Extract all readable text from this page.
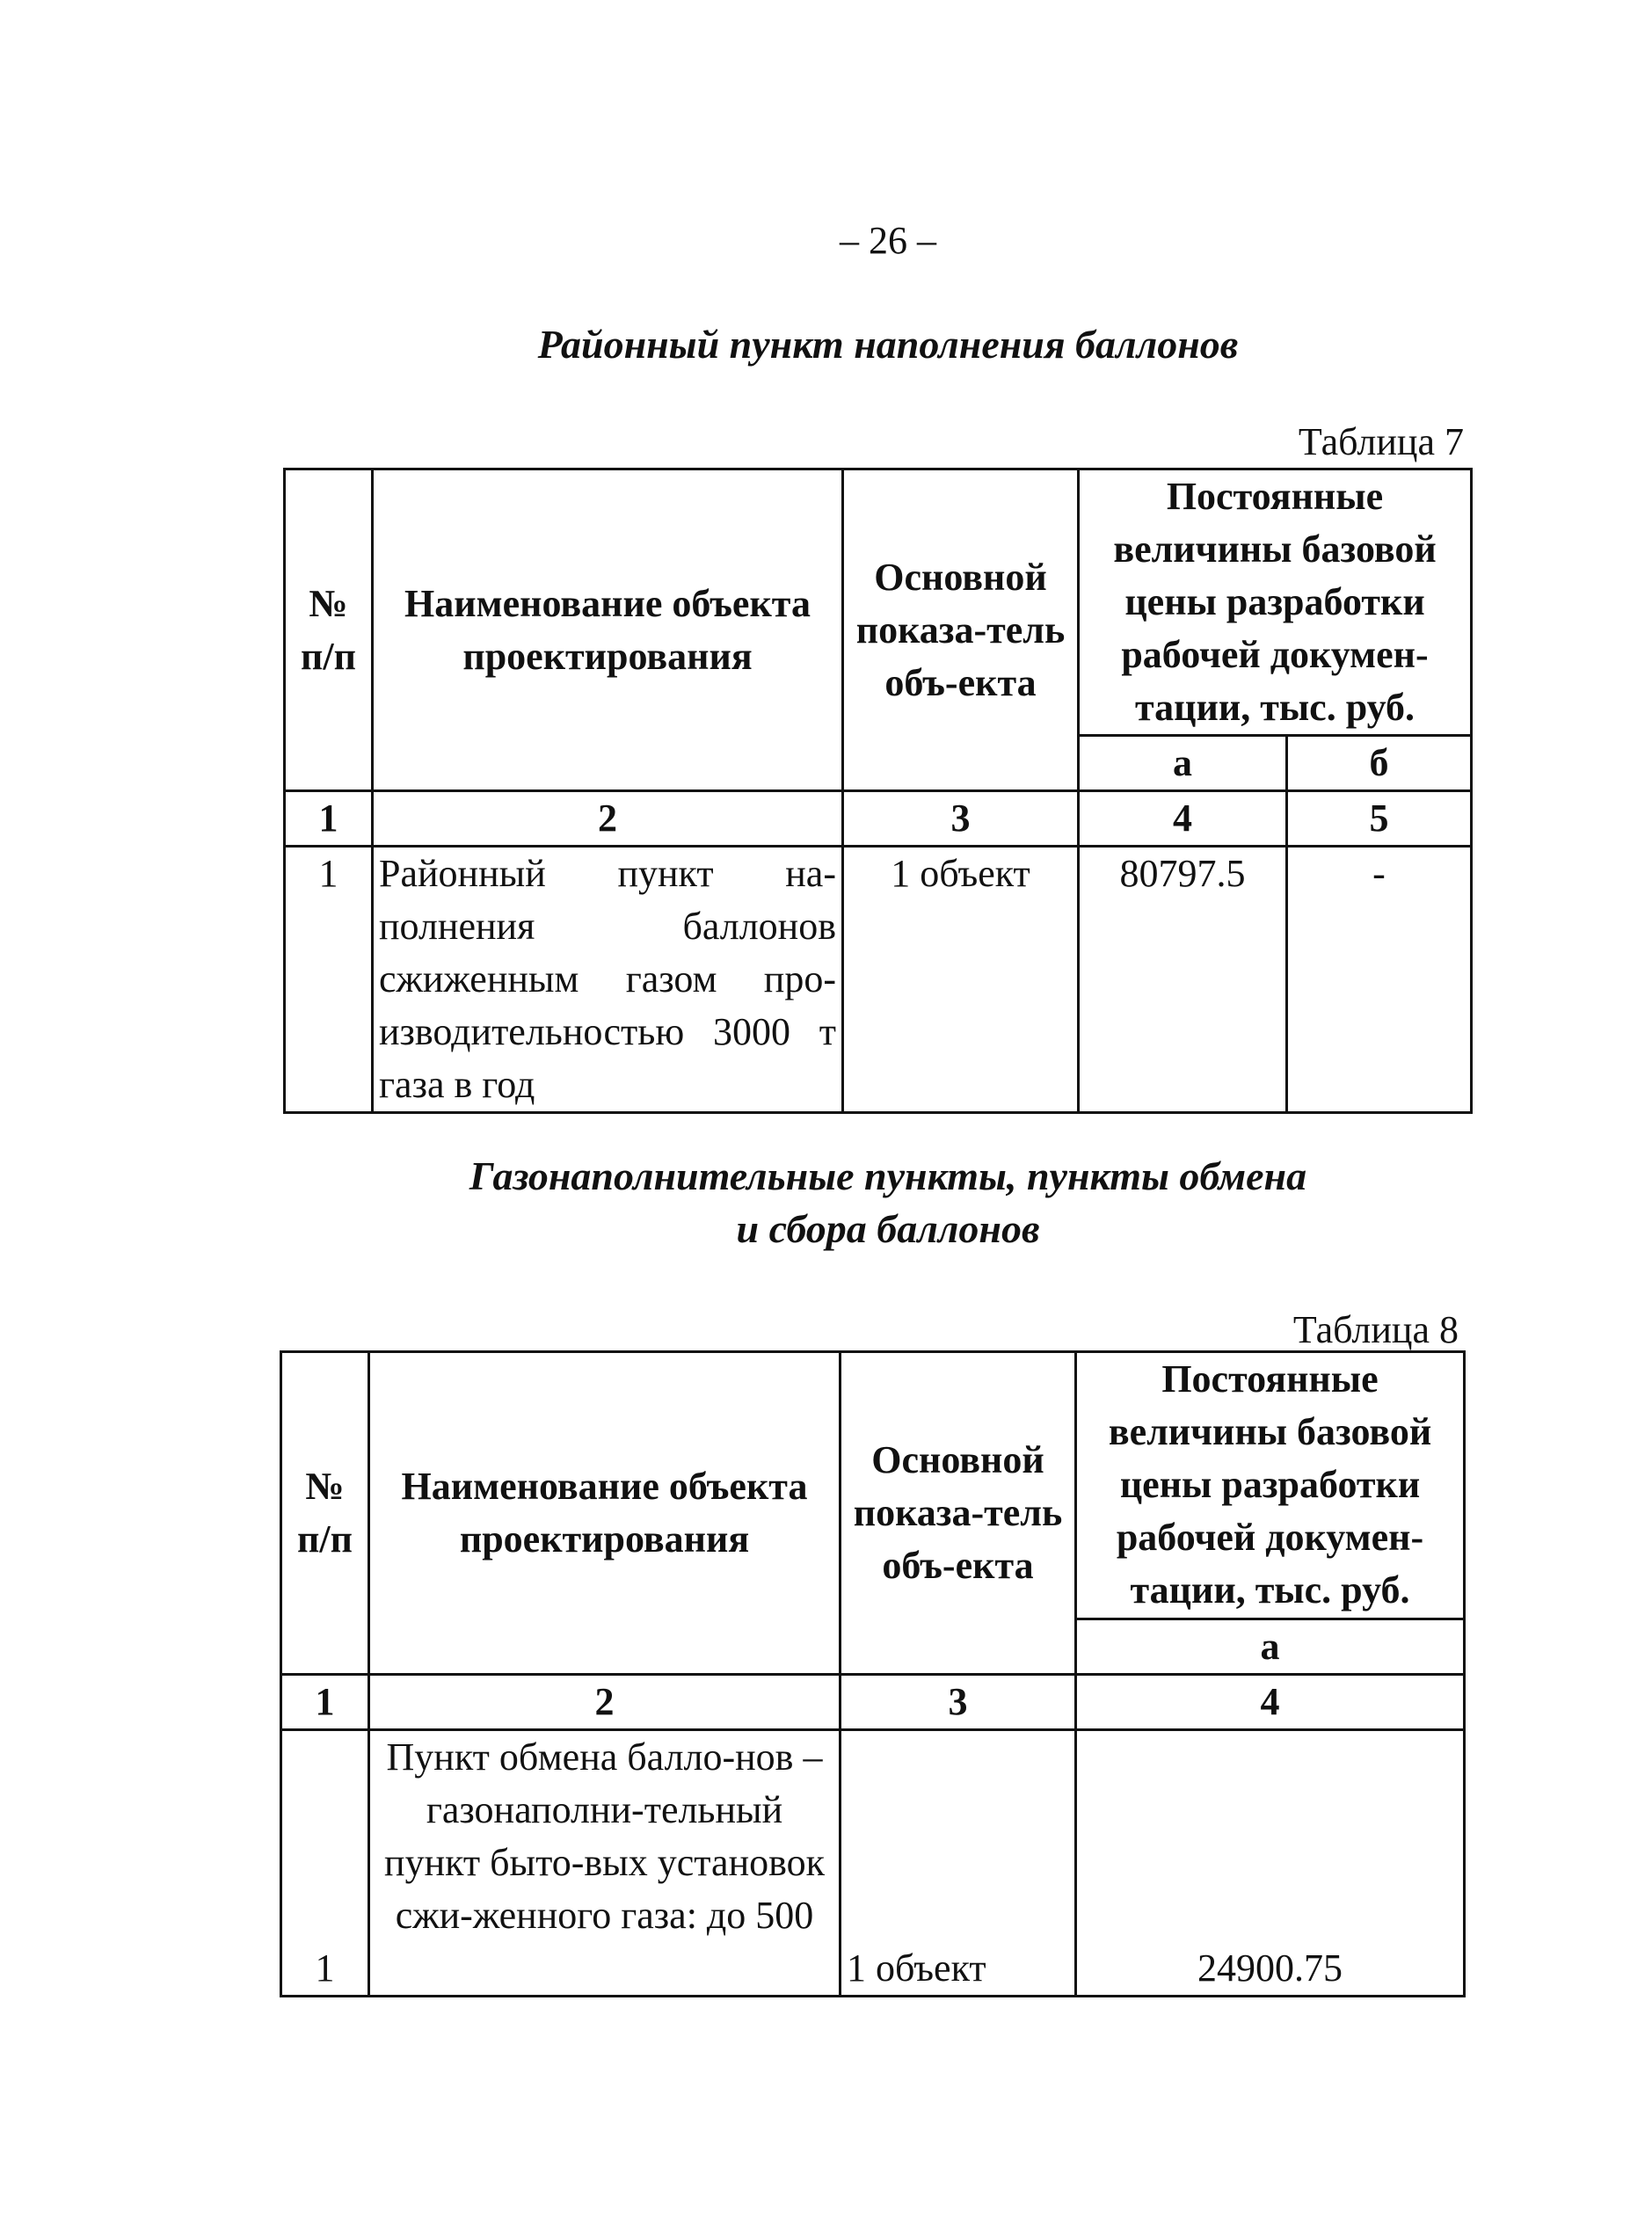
– 26 –
Районный пункт наполнения баллонов
Таблица 7
№ п/п	Наименование объекта проектирования	Основной показа-тель объ-екта	Постоянные величины базовой цены разработки рабочей докумен-тации, тыс. руб.	
			а	б
1	2	3	4	5
1	Районный пункт на-полнения баллонов сжиженным газом про-изводительностью 3000 т газа в год	1 объект	80797.5	-
Газонаполнительные пункты, пункты обмена
и сбора баллонов
Таблица 8
№ п/п	Наименование объекта проектирования	Основной показа-тель объ-екта	Постоянные величины базовой цены разработки рабочей докумен-тации, тыс. руб.
			а
1	2	3	4
1	Пункт обмена балло-нов – газонаполни-тельный пункт быто-вых установок сжи-женного газа: до 500	1 объект	24900.75
